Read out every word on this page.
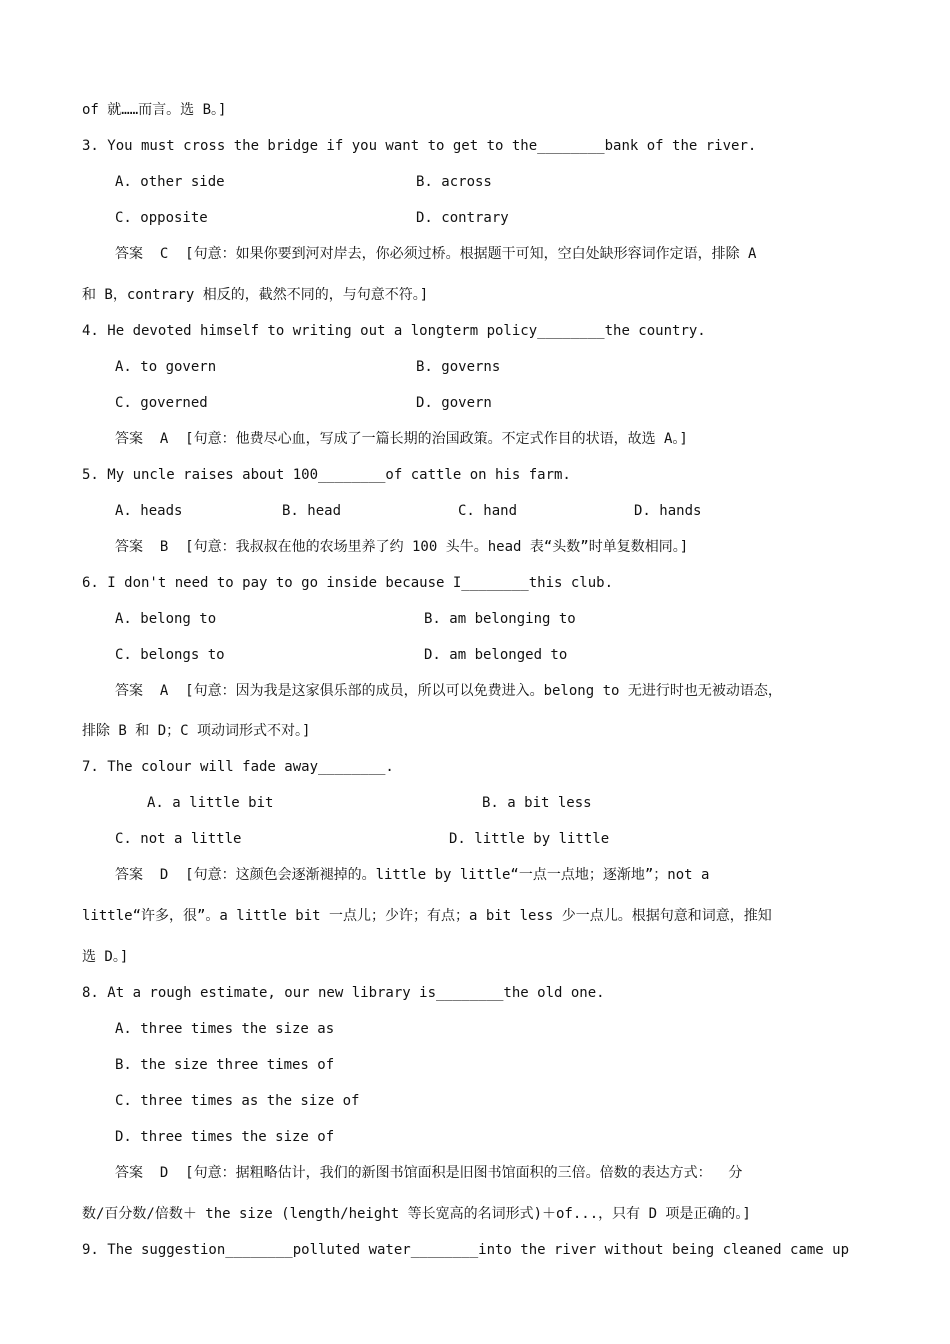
of 就……而言。选 B。]
3. You must cross the bridge if you want to get to the________bank of the river.
A. other side	B. across
C. opposite	D. contrary
答案  C  [句意：如果你要到河对岸去，你必须过桥。根据题干可知，空白处缺形容词作定语，排除 A
和 B，contrary 相反的，截然不同的，与句意不符。]
4. He devoted himself to writing out a longterm policy________the country.
A. to govern	B. governs
C. governed	D. govern
答案  A  [句意：他费尽心血，写成了一篇长期的治国政策。不定式作目的状语，故选 A。]
5. My uncle raises about 100________of cattle on his farm.
A. heads	B. head	C. hand	D. hands
答案  B  [句意：我叔叔在他的农场里养了约 100 头牛。head 表“头数”时单复数相同。]
6. I don't need to pay to go inside because I________this club.
A. belong to	B. am belonging to
C. belongs to	D. am belonged to
答案  A  [句意：因为我是这家俱乐部的成员，所以可以免费进入。belong to 无进行时也无被动语态，
排除 B 和 D；C 项动词形式不对。]
7. The colour will fade away________.
A. a little bit	B. a bit less
C. not a little	D. little by little
答案  D  [句意：这颜色会逐渐褪掉的。little by little“一点一点地；逐渐地”；not a
little“许多，很”。a little bit 一点儿；少许；有点；a bit less 少一点儿。根据句意和词意，推知
选 D。]
8. At a rough estimate, our new library is________the old one.
A. three times the size as
B. the size three times of
C. three times as the size of
D. three times the size of
答案  D  [句意：据粗略估计，我们的新图书馆面积是旧图书馆面积的三倍。倍数的表达方式：  分
数/百分数/倍数＋ the size (length/height 等长宽高的名词形式)＋of...，只有 D 项是正确的。]
9. The suggestion________polluted water________into the river without being cleaned came up
